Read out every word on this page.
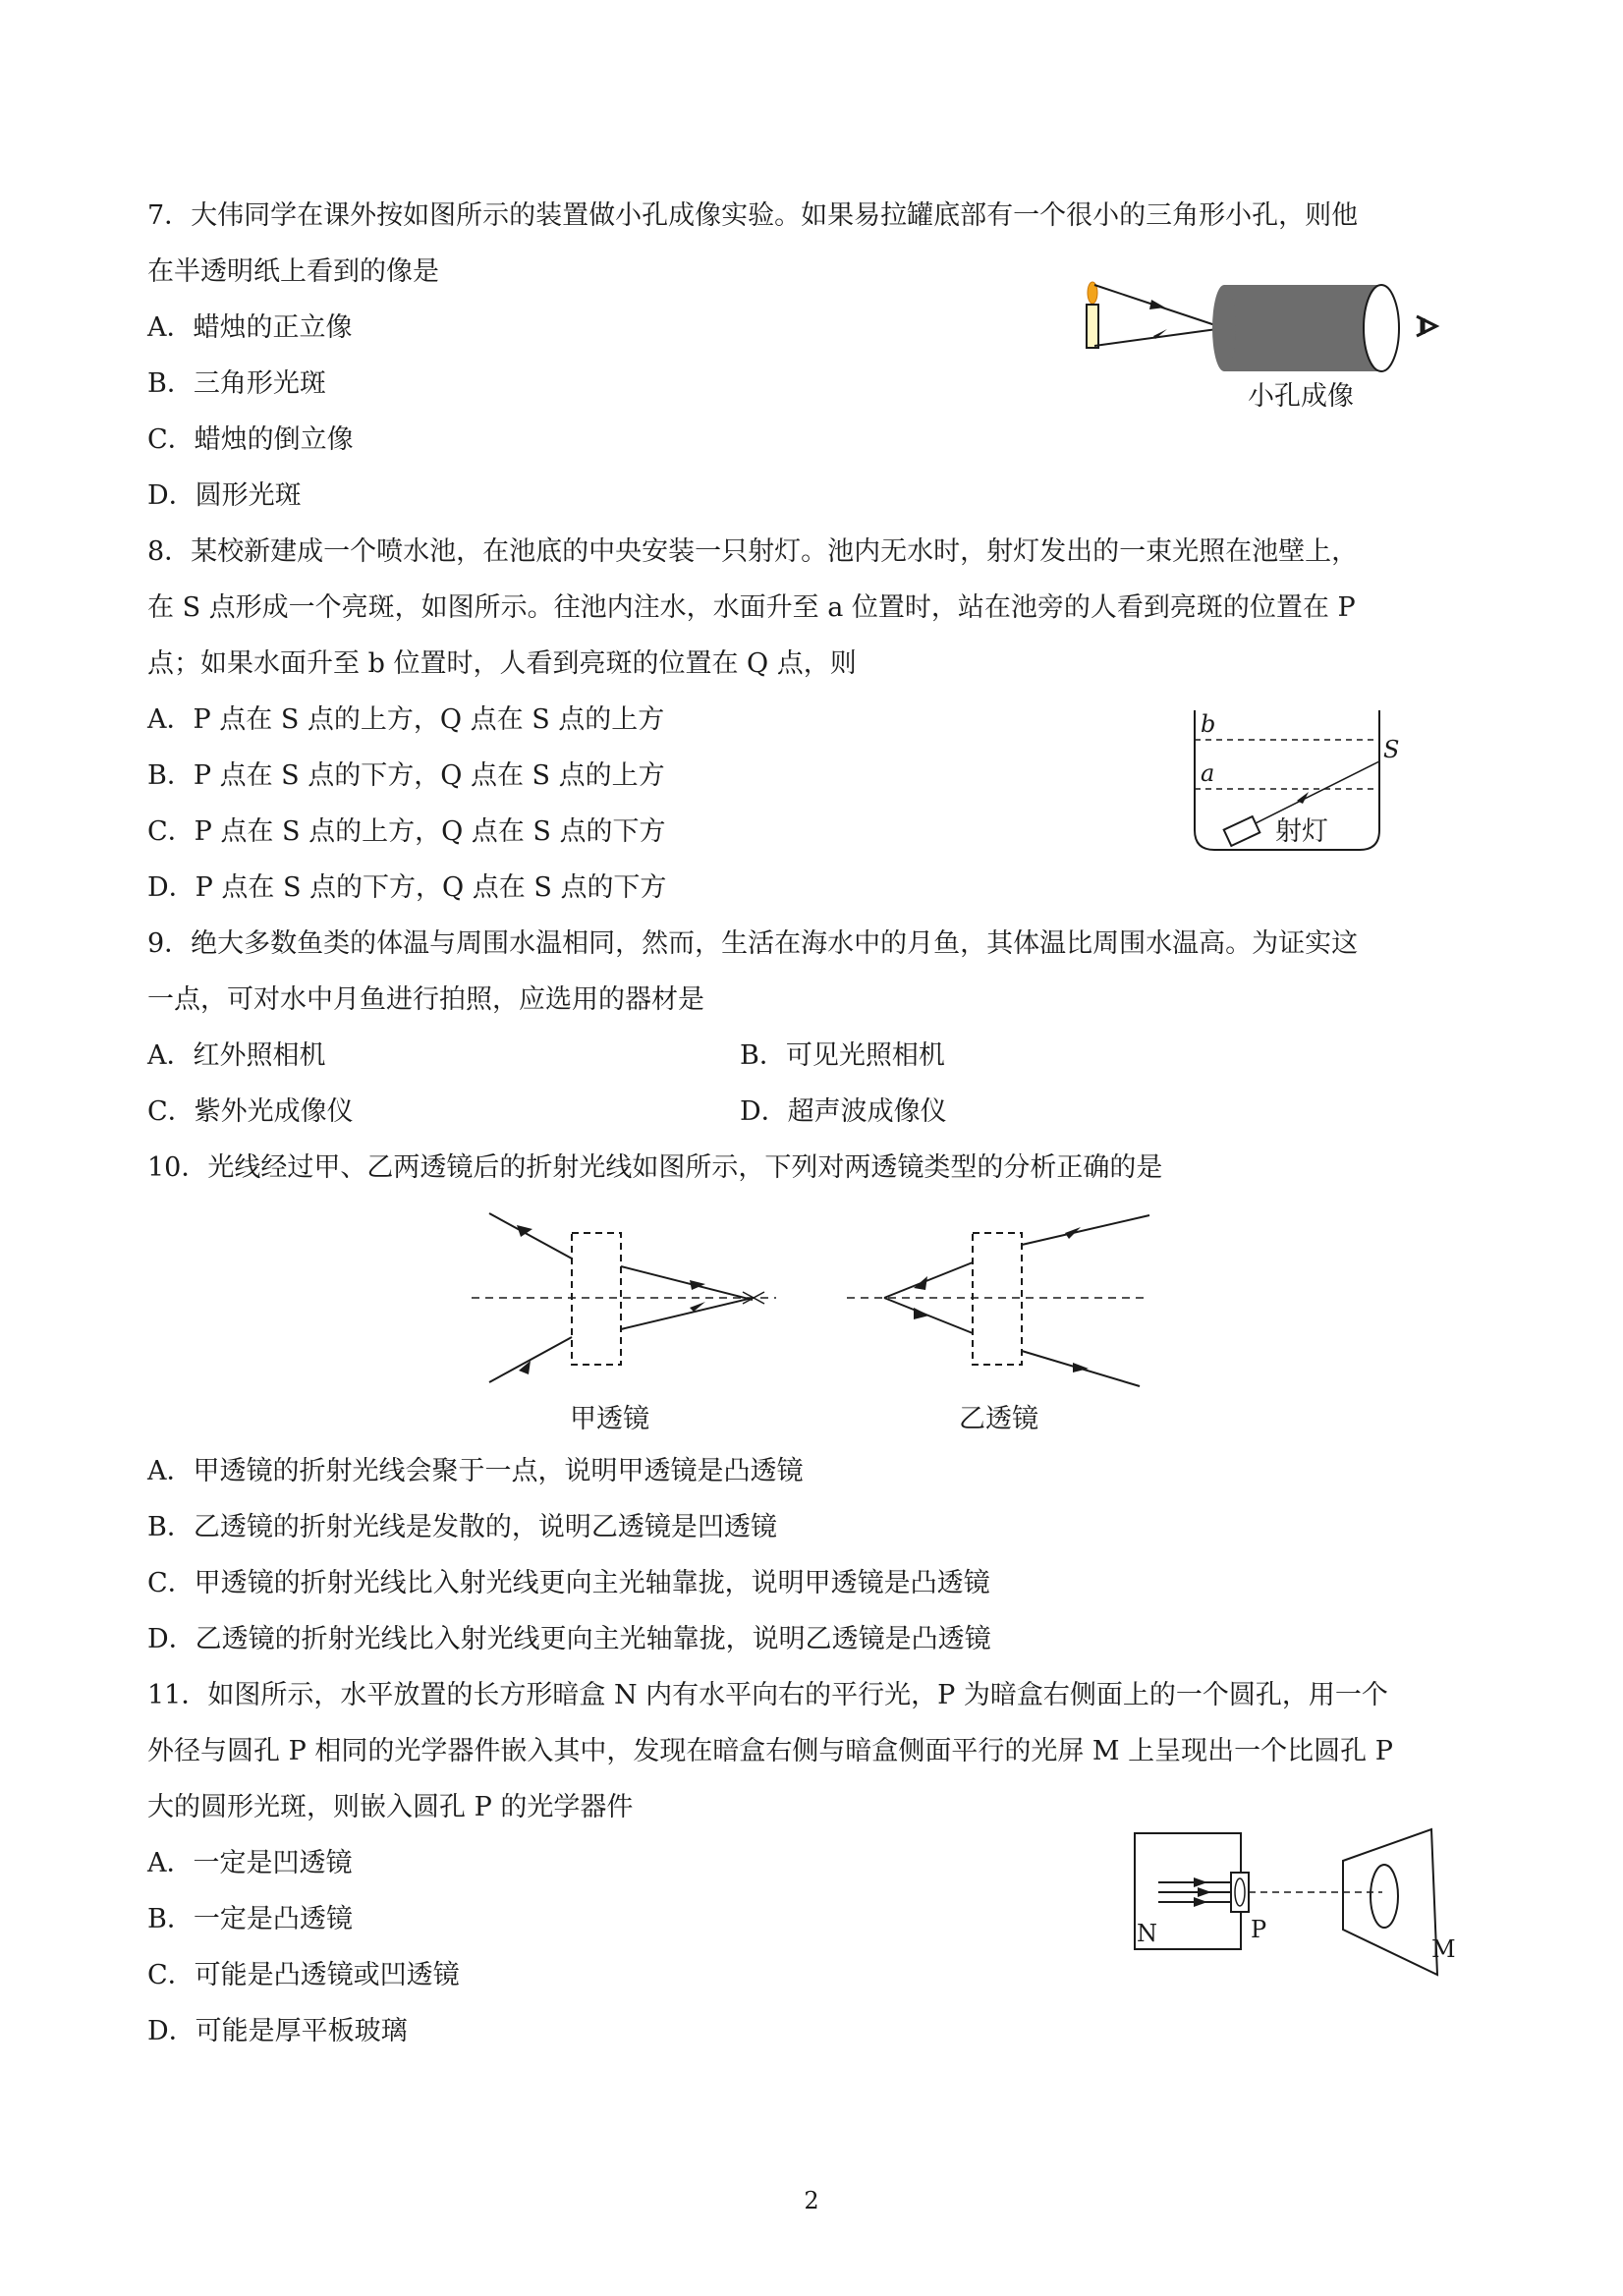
7．大伟同学在课外按如图所示的装置做小孔成像实验。如果易拉罐底部有一个很小的三角形小孔，则他
在半透明纸上看到的像是
A．蜡烛的正立像
B．三角形光斑
C．蜡烛的倒立像
D．圆形光斑
小孔成像
8．某校新建成一个喷水池，在池底的中央安装一只射灯。池内无水时，射灯发出的一束光照在池壁上，
在 S 点形成一个亮斑，如图所示。往池内注水，水面升至 a 位置时，站在池旁的人看到亮斑的位置在 P
点；如果水面升至 b 位置时，人看到亮斑的位置在 Q 点，则
A．P 点在 S 点的上方，Q 点在 S 点的上方
B．P 点在 S 点的下方，Q 点在 S 点的上方
C．P 点在 S 点的上方，Q 点在 S 点的下方
D．P 点在 S 点的下方，Q 点在 S 点的下方
b
a
S
射灯
9．绝大多数鱼类的体温与周围水温相同，然而，生活在海水中的月鱼，其体温比周围水温高。为证实这
一点，可对水中月鱼进行拍照，应选用的器材是
A．红外照相机	B．可见光照相机
C．紫外光成像仪	D．超声波成像仪
10．光线经过甲、乙两透镜后的折射光线如图所示，下列对两透镜类型的分析正确的是
甲透镜	乙透镜
A．甲透镜的折射光线会聚于一点，说明甲透镜是凸透镜
B．乙透镜的折射光线是发散的，说明乙透镜是凹透镜
C．甲透镜的折射光线比入射光线更向主光轴靠拢，说明甲透镜是凸透镜
D．乙透镜的折射光线比入射光线更向主光轴靠拢，说明乙透镜是凸透镜
11．如图所示，水平放置的长方形暗盒 N 内有水平向右的平行光，P 为暗盒右侧面上的一个圆孔，用一个
外径与圆孔 P 相同的光学器件嵌入其中，发现在暗盒右侧与暗盒侧面平行的光屏 M 上呈现出一个比圆孔 P
大的圆形光斑，则嵌入圆孔 P 的光学器件
A．一定是凹透镜
B．一定是凸透镜
C．可能是凸透镜或凹透镜
D．可能是厚平板玻璃
N	P
M
2
